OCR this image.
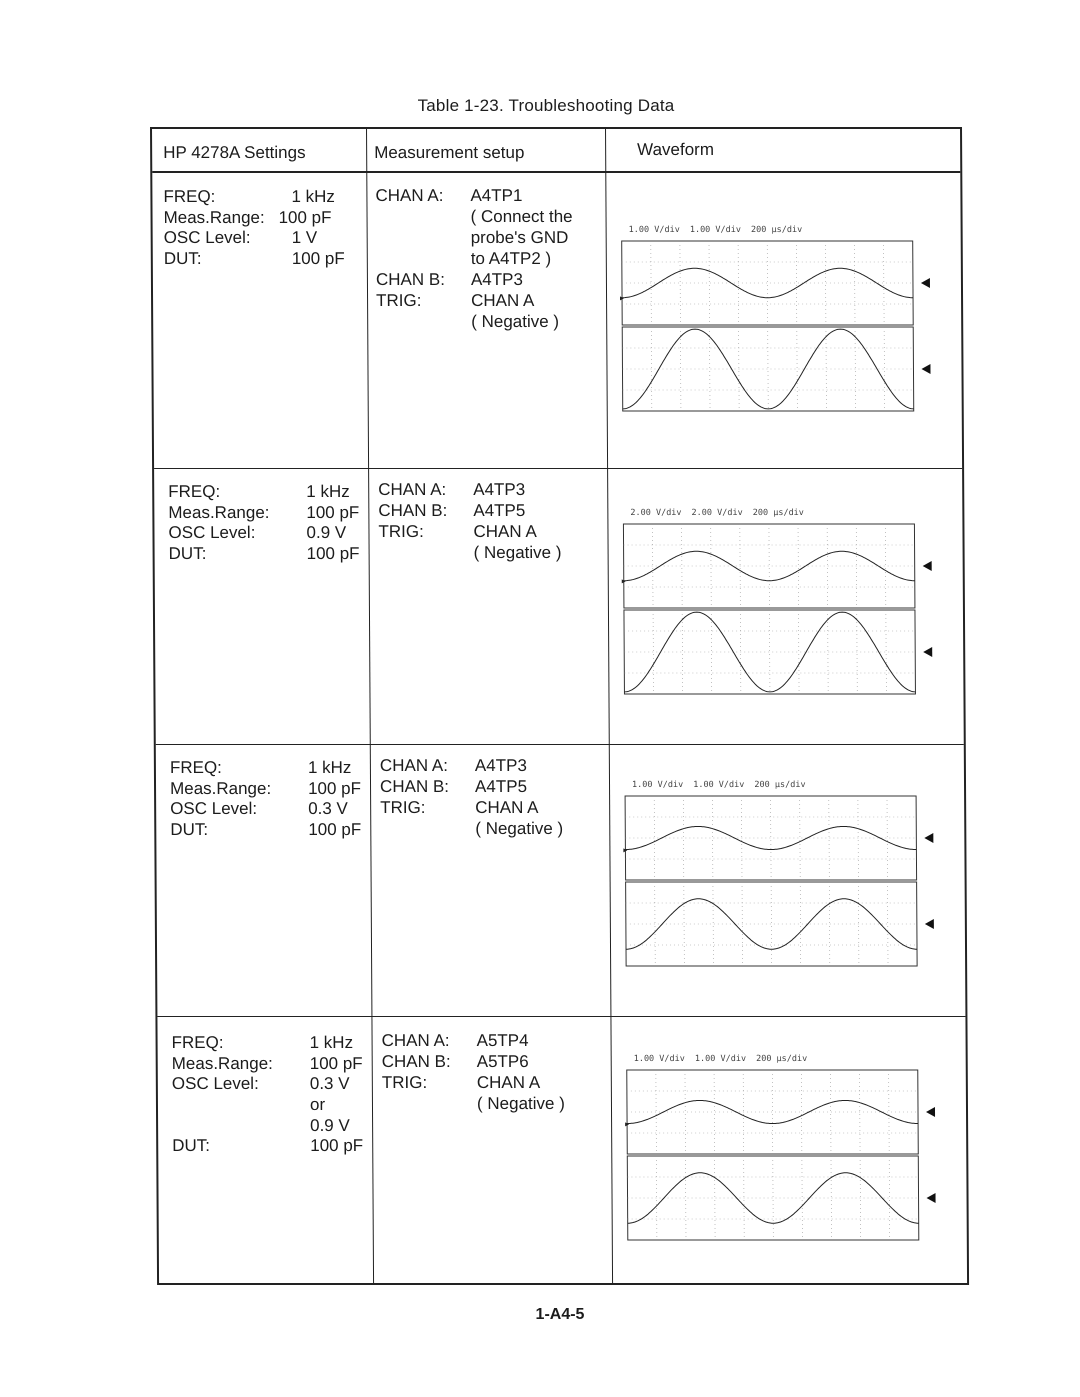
Table 1-23. Troubleshooting Data
HP 4278A Settings	Measurement setup	Waveform
FREQ:	1 kHz
Meas.Range: 100 pF
OSC Level: 1 V
DUT:	100 pF
CHAN A: A4TP1
( Connect the
probe's GND
to A4TP2 )
CHAN B: A4TP3
TRIG:	CHAN A
( Negative )
1.00 V/div 1.00 V/div 200 µs/div
▸
FREQ:	1 kHz
Meas.Range: 100 pF
OSC Level:	0.9 V
DUT:	100 pF
CHAN A: A4TP3
CHAN B: A4TP5
TRIG:	CHAN A
( Negative )
2.00 V/div 2.00 V/div 200 µs/div
▸
FREQ:	1 kHz
Meas.Range: 100 pF
OSC Level:	0.3 V
DUT:	100 pF
CHAN A: A4TP3
CHAN B: A4TP5
TRIG:	CHAN A
( Negative )
1.00 V/div 1.00 V/div 200 µs/div
▸
FREQ:	1 kHz
Meas.Range: 100 pF
OSC Level:	0.3 V
or
0.9 V
DUT:	100 pF
CHAN A: A5TP4
CHAN B: A5TP6
TRIG:	CHAN A
( Negative )
1.00 V/div 1.00 V/div 200 µs/div
▸
1-A4-5
